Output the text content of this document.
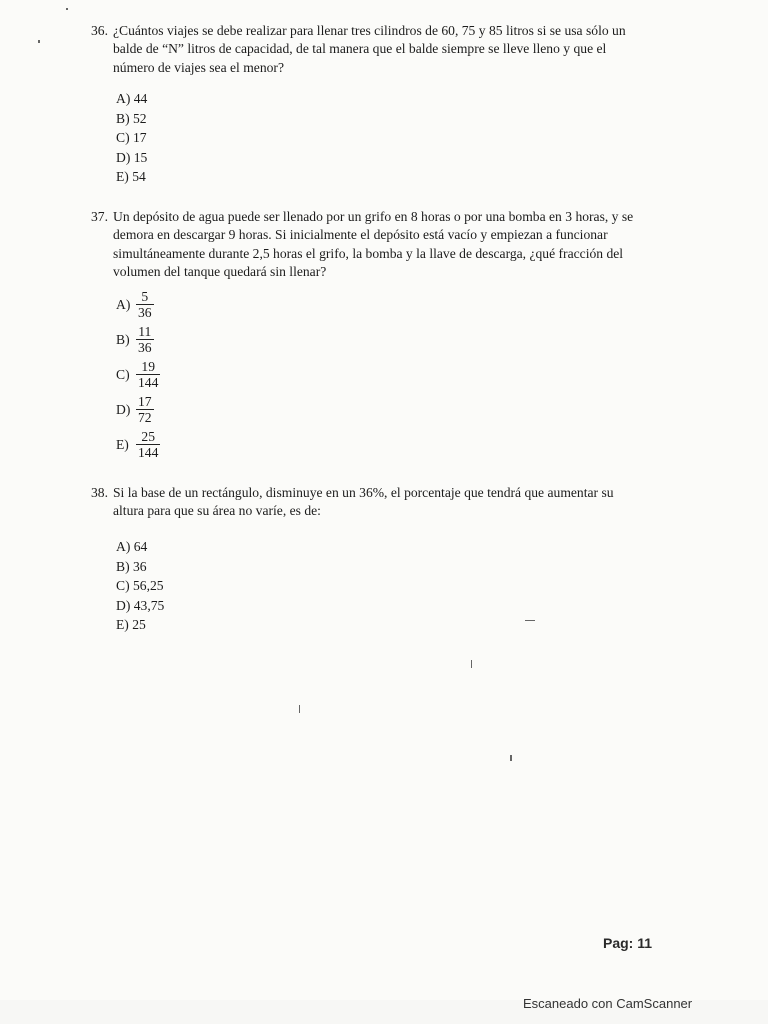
36. ¿Cuántos viajes se debe realizar para llenar tres cilindros de 60, 75 y 85 litros si se usa sólo un
balde de “N” litros de capacidad, de tal manera que el balde siempre se lleve lleno y que el
número de viajes sea el menor?
A) 44
B) 52
C) 17
D) 15
E) 54
37. Un depósito de agua puede ser llenado por un grifo en 8 horas o por una bomba en 3 horas, y se
demora en descargar 9 horas. Si inicialmente el depósito está vacío y empiezan a funcionar
simultáneamente durante 2,5 horas el grifo, la bomba y la llave de descarga, ¿qué fracción del
volumen del tanque quedará sin llenar?
$A) \frac{5}{36}$
$B) \frac{11}{36}$
$C) \frac{19}{144}$
$D) \frac{17}{72}$
$E) \frac{25}{144}$
38. Si la base de un rectángulo, disminuye en un 36%, el porcentaje que tendrá que aumentar su
altura para que su área no varíe, es de:
A) 64
B) 36
C) 56,25
D) 43,75
E) 25
Pag: 11
Escaneado con CamScanner
